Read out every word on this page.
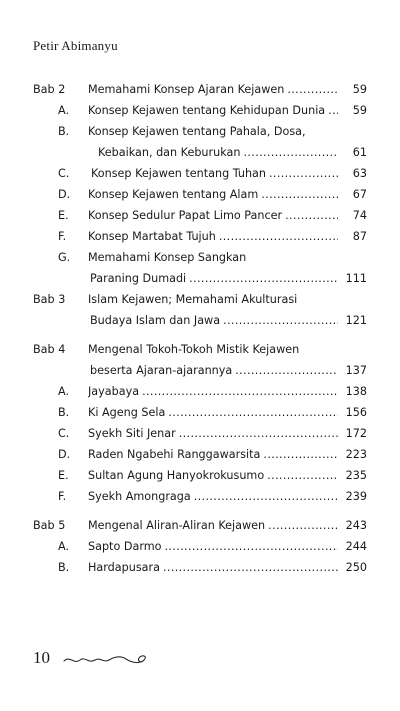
Petir Abimanyu
Bab 2 Memahami Konsep Ajaran Kejawen . . .	59
A. Konsep Kejawen tentang Kehidupan Dunia . . .	59
B. Konsep Kejawen tentang Pahala, Dosa,
Kebaikan, dan Keburukan . . .	61
C. Konsep Kejawen tentang Tuhan . . .	63
D. Konsep Kejawen tentang Alam . . .	67
E. Konsep Sedulur Papat Limo Pancer . . .	74
F. Konsep Martabat Tujuh . . .	87
G. Memahami Konsep Sangkan
Paraning Dumadi . . .	111
Bab 3 Islam Kejawen; Memahami Akulturasi
Budaya Islam dan Jawa . . .	121
Bab 4 Mengenal Tokoh-Tokoh Mistik Kejawen
beserta Ajaran-ajarannya . . .	137
A. Jayabaya . . .	138
B. Ki Ageng Sela . . .	156
C. Syekh Siti Jenar . . .	172
D. Raden Ngabehi Ranggawarsita . . .	223
E. Sultan Agung Hanyokrokusumo . . .	235
F. Syekh Amongraga . . .	239
Bab 5 Mengenal Aliran-Aliran Kejawen . . .	243
A. Sapto Darmo . . .	244
B. Hardapusara . . .	250
10
